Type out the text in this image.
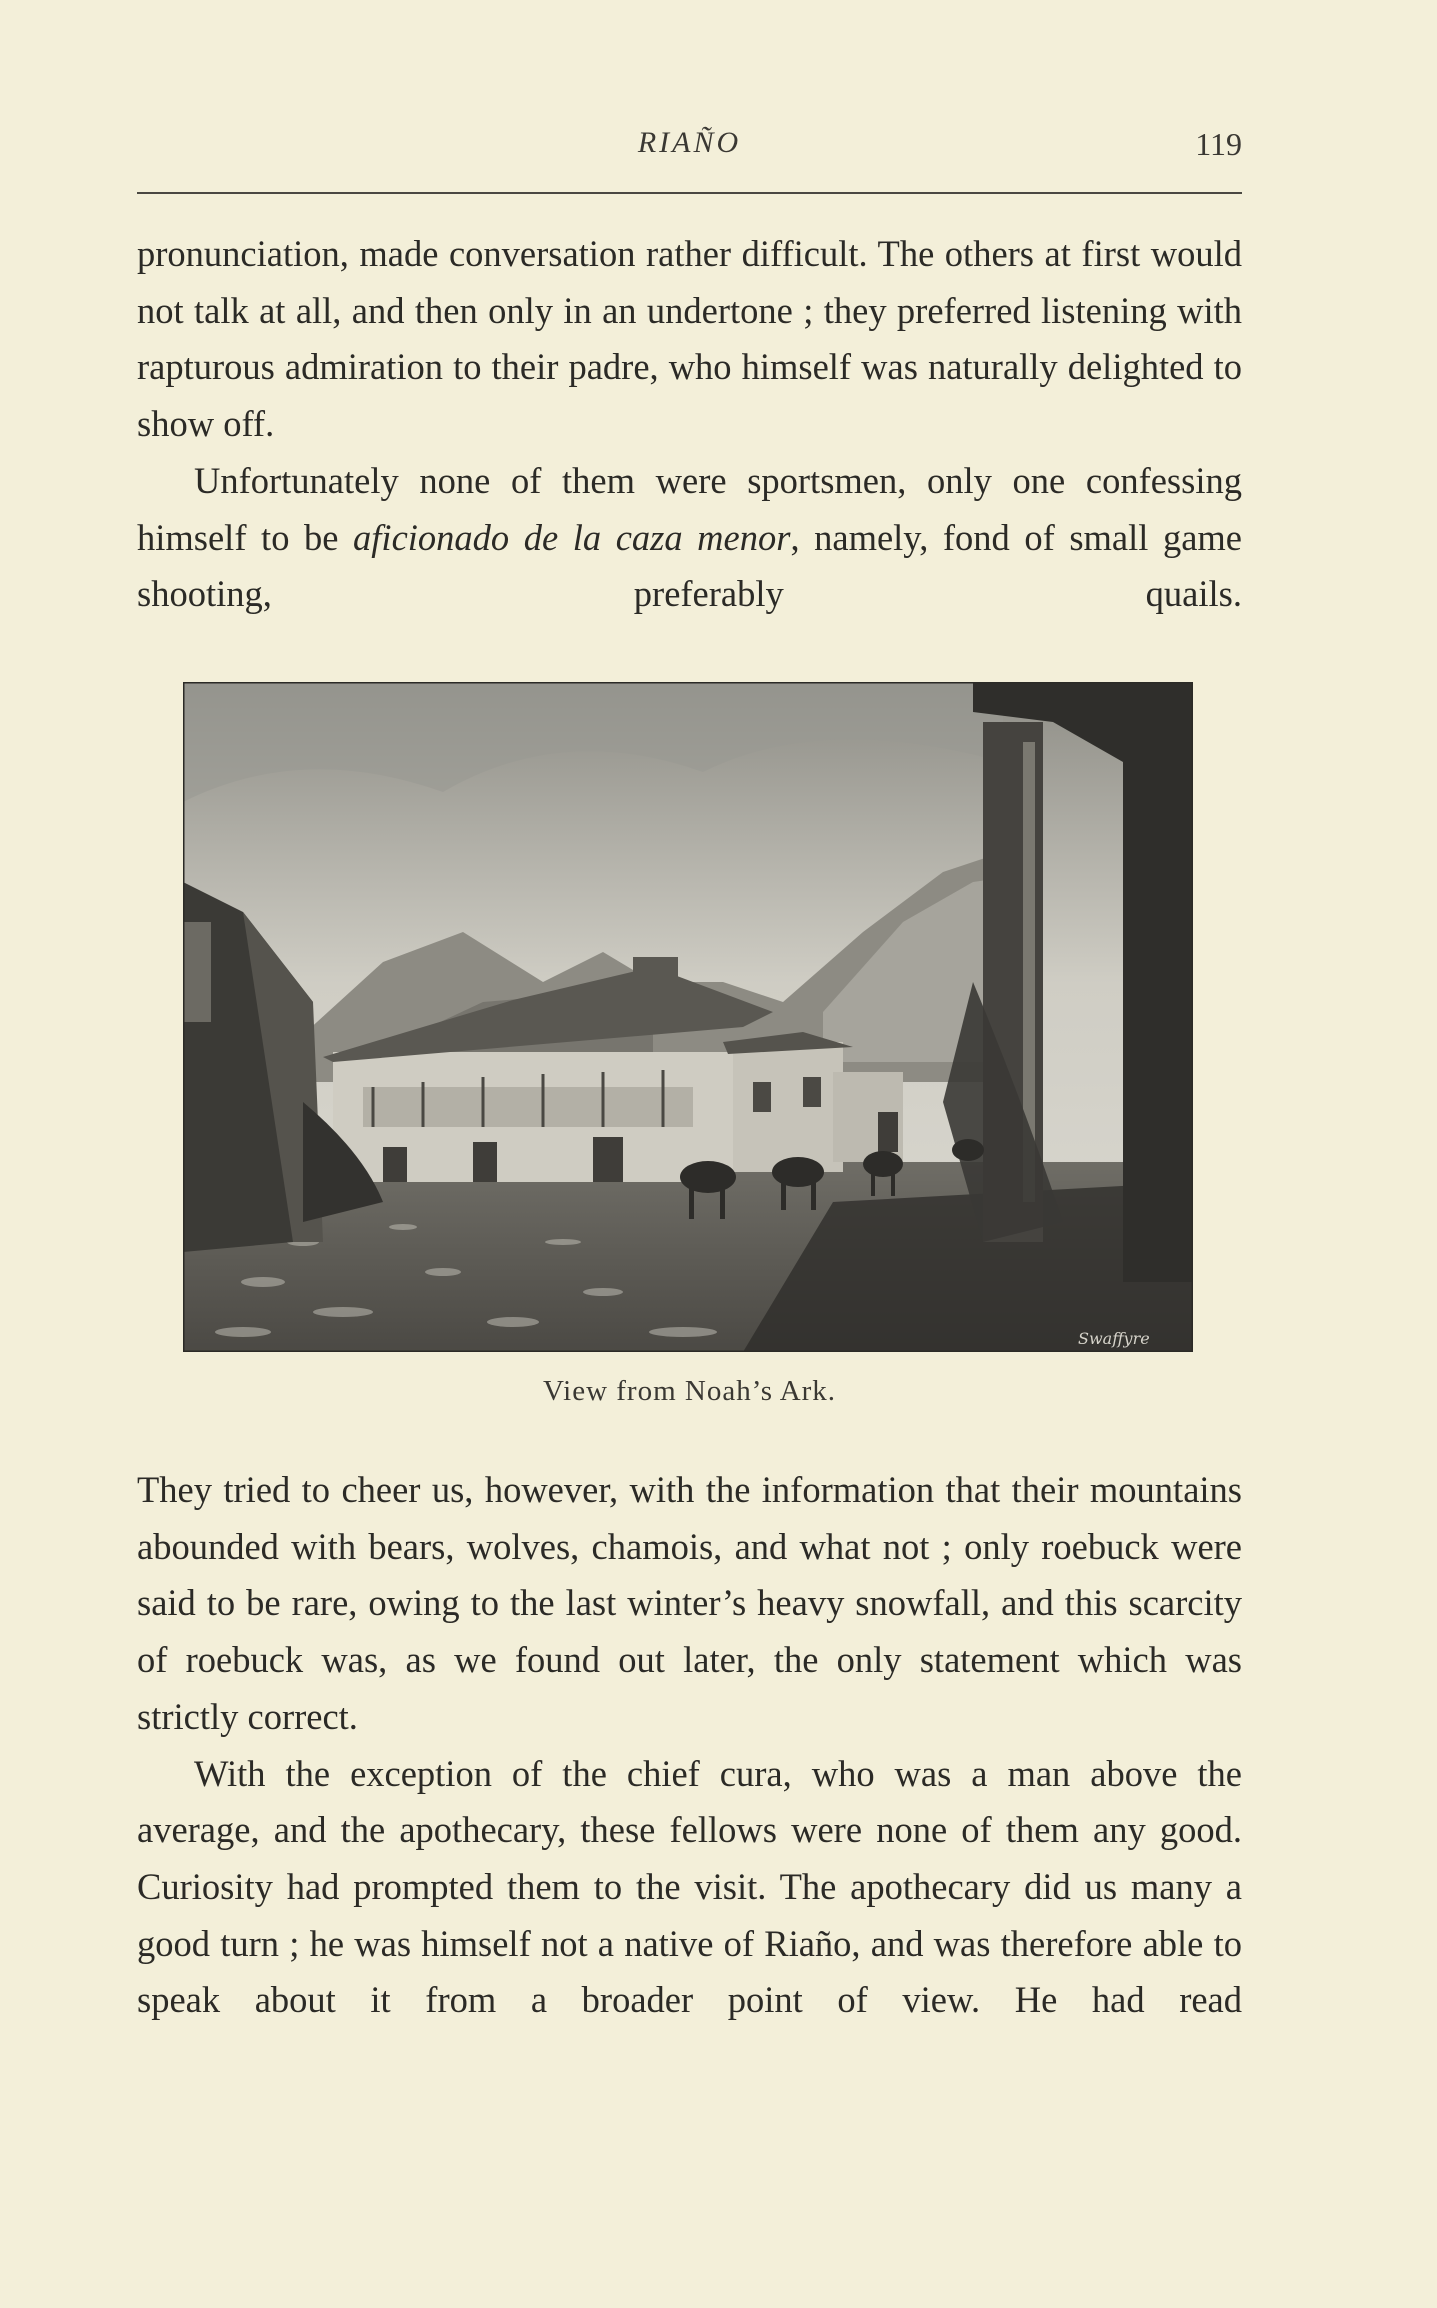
RIAÑO	119

pronunciation, made conversation rather difficult. The others at first would not talk at all, and then only in an undertone ; they preferred listening with rapturous admiration to their padre, who himself was naturally delighted to show off.

Unfortunately none of them were sportsmen, only one confessing himself to be aficionado de la caza menor, namely, fond of small game shooting, preferably quails.

Swaffyre
View from Noah’s Ark.

They tried to cheer us, however, with the information that their mountains abounded with bears, wolves, chamois, and what not ; only roebuck were said to be rare, owing to the last winter’s heavy snowfall, and this scarcity of roebuck was, as we found out later, the only statement which was strictly correct.

With the exception of the chief cura, who was a man above the average, and the apothecary, these fellows were none of them any good. Curiosity had prompted them to the visit. The apothecary did us many a good turn ; he was himself not a native of Riaño, and was therefore able to speak about it from a broader point of view. He had read
